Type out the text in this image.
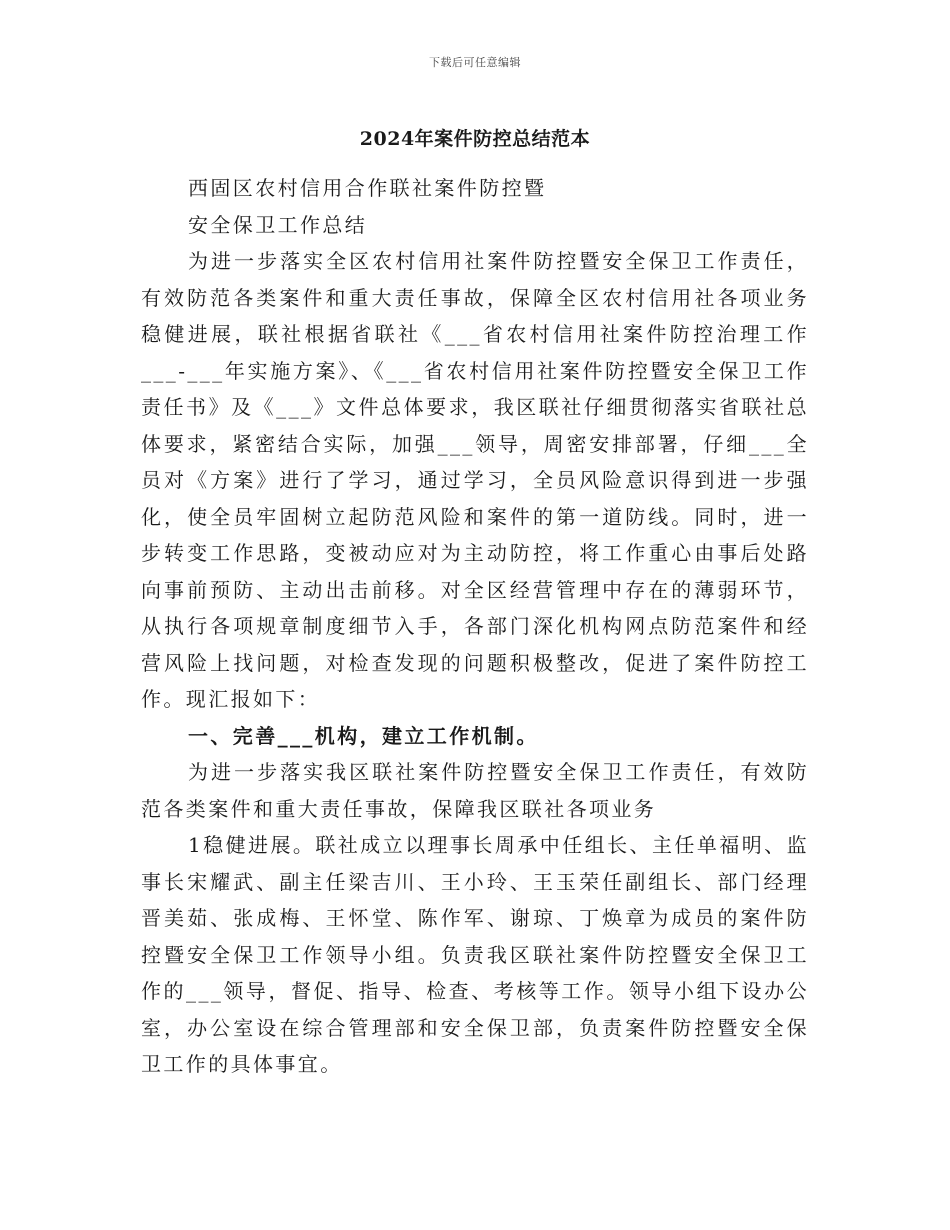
下载后可任意编辑
2024年案件防控总结范本

西固区农村信用合作联社案件防控暨

安全保卫工作总结

为进一步落实全区农村信用社案件防控暨安全保卫工作责任，有效防范各类案件和重大责任事故，保障全区农村信用社各项业务稳健进展，联社根据省联社《___省农村信用社案件防控治理工作___-___年实施方案》、《___省农村信用社案件防控暨安全保卫工作责任书》及《___》文件总体要求，我区联社仔细贯彻落实省联社总体要求，紧密结合实际，加强___领导，周密安排部署，仔细___全员对《方案》进行了学习，通过学习，全员风险意识得到进一步强化，使全员牢固树立起防范风险和案件的第一道防线。同时，进一步转变工作思路，变被动应对为主动防控，将工作重心由事后处路向事前预防、主动出击前移。对全区经营管理中存在的薄弱环节，从执行各项规章制度细节入手，各部门深化机构网点防范案件和经营风险上找问题，对检查发现的问题积极整改，促进了案件防控工作。现汇报如下：

一、完善___机构，建立工作机制。

为进一步落实我区联社案件防控暨安全保卫工作责任，有效防范各类案件和重大责任事故，保障我区联社各项业务

1稳健进展。联社成立以理事长周承中任组长、主任单福明、监事长宋耀武、副主任梁吉川、王小玲、王玉荣任副组长、部门经理晋美茹、张成梅、王怀堂、陈作军、谢琼、丁焕章为成员的案件防控暨安全保卫工作领导小组。负责我区联社案件防控暨安全保卫工作的___领导，督促、指导、检查、考核等工作。领导小组下设办公室，办公室设在综合管理部和安全保卫部，负责案件防控暨安全保卫工作的具体事宜。
